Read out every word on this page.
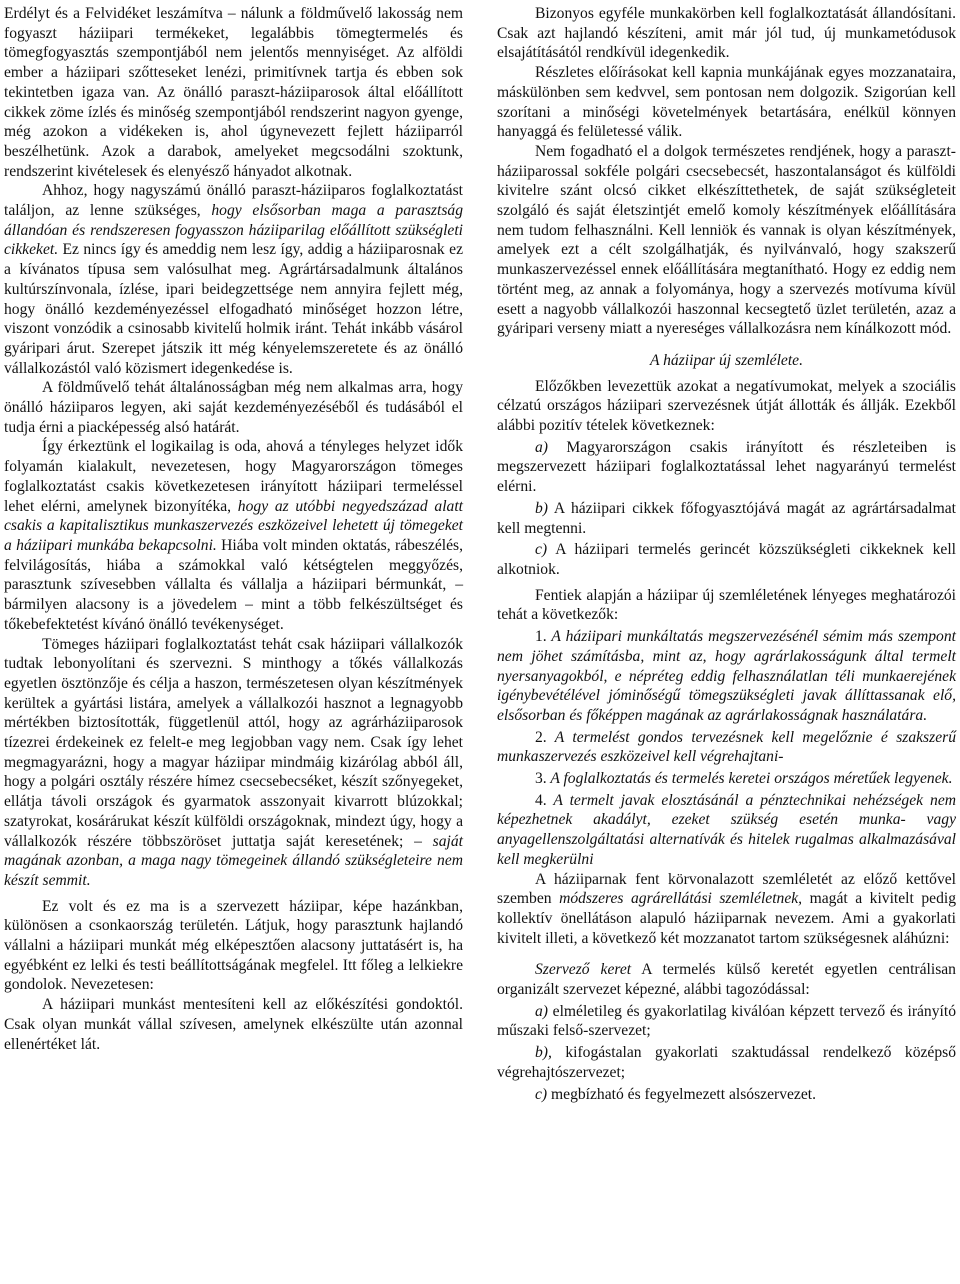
Erdélyt és a Felvidéket leszámítva – nálunk a földművelő lakosság nem fogyaszt háziipari termékeket, legalábbis tömegtermelés és tömegfogyasztás szempontjából nem jelentős mennyiséget. Az alföldi ember a háziipari szőtteseket lenézi, primitívnek tartja és ebben sok tekintetben igaza van. Az önálló paraszt-háziiparosok által előállított cikkek zöme ízlés és minőség szempontjából rendszerint nagyon gyenge, még azokon a vidékeken is, ahol úgynevezett fejlett háziiparról beszélhetünk. Azok a darabok, amelyeket megcsodálni szoktunk, rendszerint kivételesek és elenyésző hányadot alkotnak.

Ahhoz, hogy nagyszámú önálló paraszt-háziiparos foglalkoztatást találjon, az lenne szükséges, hogy elsősorban maga a parasztság állandóan és rendszeresen fogyasszon háziiparilag előállított szükségleti cikkeket. Ez nincs így és ameddig nem lesz így, addig a háziiparosnak ez a kívánatos típusa sem valósulhat meg. Agrártársadalmunk általános kultúrszínvonala, ízlése, ipari beidegzettsége nem annyira fejlett még, hogy önálló kezdeményezéssel elfogadható minőséget hozzon létre, viszont vonzódik a csinosabb kivitelű holmik iránt. Tehát inkább vásárol gyáripari árut. Szerepet játszik itt még kényelemszeretete és az önálló vállalkozástól való közismert idegenkedése is.

A földművelő tehát általánosságban még nem alkalmas arra, hogy önálló háziiparos legyen, aki saját kezdeményezéséből és tudásából el tudja érni a piacképesség alsó határát.

Így érkeztünk el logikailag is oda, ahová a tényleges helyzet idők folyamán kialakult, nevezetesen, hogy Magyarországon tömeges foglalkoztatást csakis következetesen irányított háziipari termeléssel lehet elérni, amelynek bizonyítéka, hogy az utóbbi negyedszázad alatt csakis a kapitalisztikus munkaszervezés eszközeivel lehetett új tömegeket a háziipari munkába bekapcsolni. Hiába volt minden oktatás, rábeszélés, felvilágosítás, hiába a számokkal való kétségtelen meggyőzés, parasztunk szívesebben vállalta és vállalja a háziipari bérmunkát, – bármilyen alacsony is a jövedelem – mint a több felkészültséget és tőkebefektetést kívánó önálló tevékenységet.

Tömeges háziipari foglalkoztatást tehát csak háziipari vállalkozók tudtak lebonyolítani és szervezni. S minthogy a tőkés vállalkozás egyetlen ösztönzője és célja a haszon, természetesen olyan készítmények kerültek a gyártási listára, amelyek a vállalkozói hasznot a legnagyobb mértékben biztosították, függetlenül attól, hogy az agrárháziiparosok tízezrei érdekeinek ez felelt-e meg legjobban vagy nem. Csak így lehet megmagyarázni, hogy a magyar háziipar mindmáig kizárólag abból áll, hogy a polgári osztály részére hímez csecsebecséket, készít szőnyegeket, ellátja távoli országok és gyarmatok asszonyait kivarrott blúzokkal; szatyrokat, kosárárukat készít külföldi országoknak, mindezt úgy, hogy a vállalkozók részére többszöröset juttatja saját keresetének; – saját magának azonban, a maga nagy tömegeinek állandó szükségleteire nem készít semmit.

Ez volt és ez ma is a szervezett háziipar, képe hazánkban, különösen a csonkaország területén. Látjuk, hogy parasztunk hajlandó vállalni a háziipari munkát még elképesztően alacsony juttatásért is, ha egyébként ez lelki és testi beállítottságának megfelel. Itt főleg a lelkiekre gondolok. Nevezetesen:

A háziipari munkást mentesíteni kell az előkészítési gondoktól. Csak olyan munkát vállal szívesen, amelynek elkészülte után azonnal ellenértéket lát.

Bizonyos egyféle munkakörben kell foglalkoztatását állandósítani. Csak azt hajlandó készíteni, amit már jól tud, új munkametódusok elsajátításától rendkívül idegenkedik.

Részletes előírásokat kell kapnia munkájának egyes mozzanataira, máskülönben sem kedvvel, sem pontosan nem dolgozik. Szigorúan kell szorítani a minőségi követelmények betartására, enélkül könnyen hanyaggá és felületessé válik.

Nem fogadható el a dolgok természetes rendjének, hogy a paraszt-háziiparossal sokféle polgári csecsebecsét, haszontalanságot és külföldi kivitelre szánt olcsó cikket elkészíttethetek, de saját szükségleteit szolgáló és saját életszintjét emelő komoly készítmények előállítására nem tudom felhasználni. Kell lenniök és vannak is olyan készítmények, amelyek ezt a célt szolgálhatják, és nyilvánvaló, hogy szakszerű munkaszervezéssel ennek előállítására megtanítható. Hogy ez eddig nem történt meg, az annak a folyománya, hogy a szervezés motívuma kívül esett a nagyobb vállalkozói haszonnal kecsegtető üzlet területén, azaz a gyáripari verseny miatt a nyereséges vállalkozásra nem kínálkozott mód.

A háziipar új szemlélete.

Előzőkben levezettük azokat a negatívumokat, melyek a szociális célzatú országos háziipari szervezésnek útját állották és állják. Ezekből alábbi pozitív tételek következnek:

a) Magyarországon csakis irányított és részleteiben is megszervezett háziipari foglalkoztatással lehet nagyarányú termelést elérni.

b) A háziipari cikkek főfogyasztójává magát az agrártársadalmat kell megtenni.

c) A háziipari termelés gerincét közszükségleti cikkeknek kell alkotniok.

Fentiek alapján a háziipar új szemléletének lényeges meghatározói tehát a következők:

1. A háziipari munkáltatás megszervezésénél sémim más szempont nem jöhet számításba, mint az, hogy agrárlakosságunk által termelt nyersanyagokból, e népréteg eddig felhasználatlan téli munkaerejének igénybevétélével jóminőségű tömegszükségleti javak állíttassanak elő, elsősorban és főképpen magának az agrárlakosságnak használatára.

2. A termelést gondos tervezésnek kell megelőznie é szakszerű munkaszervezés eszközeivel kell végrehajtani-

3. A foglalkoztatás és termelés keretei országos méretűek legyenek.

4. A termelt javak elosztásánál a pénztechnikai nehézségek nem képezhetnek akadályt, ezeket szükség esetén munka- vagy anyagellenszolgáltatási alternatívák és hitelek rugalmas alkalmazásával kell megkerülni

A háziiparnak fent körvonalazott szemléletét az előző kettővel szemben módszeres agrárellátási szemléletnek, magát a kivitelt pedig kollektív önellátáson alapuló háziiparnak nevezem. Ami a gyakorlati kivitelt illeti, a következő két mozzanatot tartom szükségesnek aláhúzni:

Szervező keret A termelés külső keretét egyetlen centrálisan organizált szervezet képezné, alábbi tagozódással:

a) elméletileg és gyakorlatilag kiválóan képzett tervező és irányító műszaki felső-szervezet;

b), kifogástalan gyakorlati szaktudással rendelkező középső végrehajtószervezet;

c) megbízható és fegyelmezett alsószervezet.
